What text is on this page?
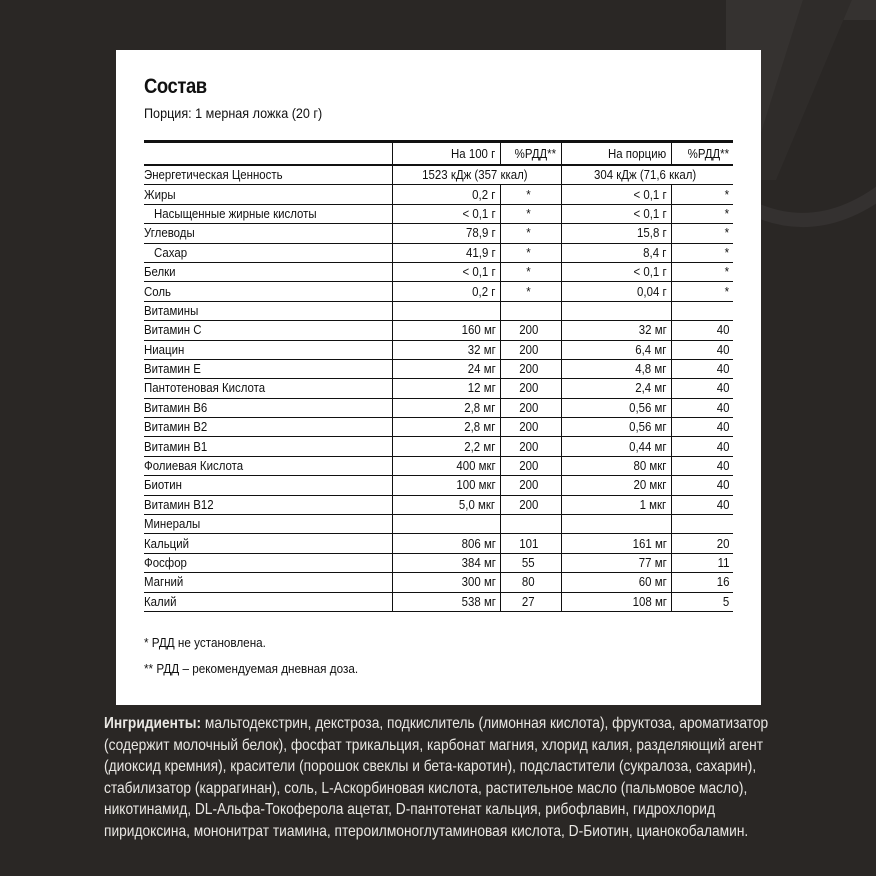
Состав
Порция: 1 мерная ложка (20 г)
	На 100 г	%РДД**	На порцию	%РДД**
Энергетическая Ценность	1523 кДж (357 ккал)		304 кДж (71,6 ккал)	
Жиры	0,2 г	*	< 0,1 г	*
Насыщенные жирные кислоты	< 0,1 г	*	< 0,1 г	*
Углеводы	78,9 г	*	15,8 г	*
Сахар	41,9 г	*	8,4 г	*
Белки	< 0,1 г	*	< 0,1 г	*
Соль	0,2 г	*	0,04 г	*
Витамины				
Витамин С	160 мг	200	32 мг	40
Ниацин	32 мг	200	6,4 мг	40
Витамин Е	24 мг	200	4,8 мг	40
Пантотеновая Кислота	12 мг	200	2,4 мг	40
Витамин В6	2,8 мг	200	0,56 мг	40
Витамин В2	2,8 мг	200	0,56 мг	40
Витамин В1	2,2 мг	200	0,44 мг	40
Фолиевая Кислота	400 мкг	200	80 мкг	40
Биотин	100 мкг	200	20 мкг	40
Витамин В12	5,0 мкг	200	1 мкг	40
Минералы				
Кальций	806 мг	101	161 мг	20
Фосфор	384 мг	55	77 мг	11
Магний	300 мг	80	60 мг	16
Калий	538 мг	27	108 мг	5
* РДД не установлена.
** РДД – рекомендуемая дневная доза.
Ингридиенты: мальтодекстрин, декстроза, подкислитель (лимонная кислота), фруктоза, ароматизатор (содержит молочный белок), фосфат трикальция, карбонат магния, хлорид калия, разделяющий агент (диоксид кремния), красители (порошок свеклы и бета-каротин), подсластители (сукралоза, сахарин), стабилизатор (каррагинан), соль, L-Аскорбиновая кислота, растительное масло (пальмовое масло), никотинамид, DL-Альфа-Токоферола ацетат, D-пантотенат кальция, рибофлавин, гидрохлорид пиридоксина, мононитрат тиамина, птероилмоноглутаминовая кислота, D-Биотин, цианокобаламин.
